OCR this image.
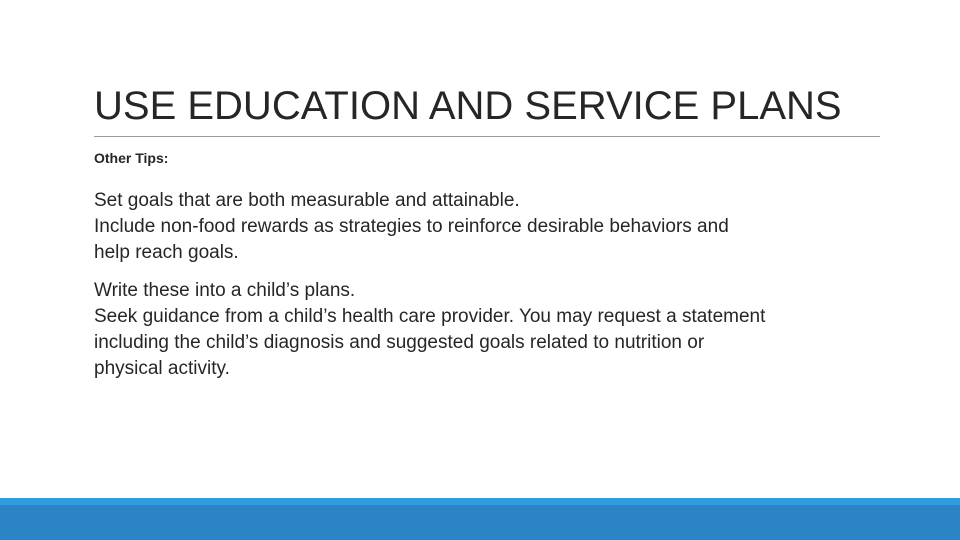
USE EDUCATION AND SERVICE PLANS

Other Tips:

Set goals that are both measurable and attainable.
Include non-food rewards as strategies to reinforce desirable behaviors and
help reach goals.

Write these into a child’s plans.
Seek guidance from a child’s health care provider. You may request a statement
including the child’s diagnosis and suggested goals related to nutrition or
physical activity.
